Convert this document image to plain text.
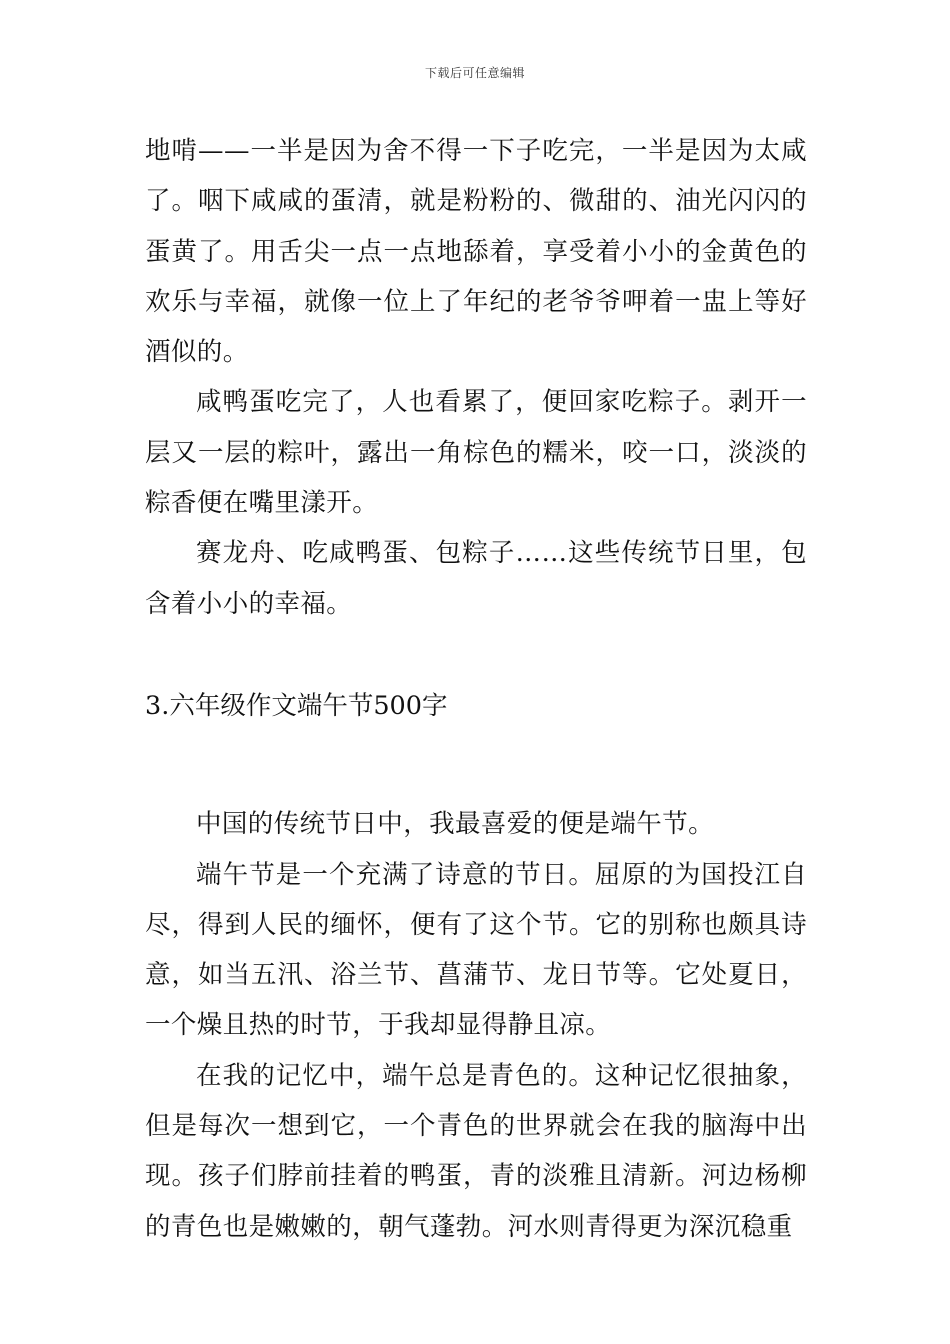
下载后可任意编辑

地啃——一半是因为舍不得一下子吃完，一半是因为太咸了。咽下咸咸的蛋清，就是粉粉的、微甜的、油光闪闪的蛋黄了。用舌尖一点一点地舔着，享受着小小的金黄色的欢乐与幸福，就像一位上了年纪的老爷爷呷着一盅上等好酒似的。

咸鸭蛋吃完了，人也看累了，便回家吃粽子。剥开一层又一层的粽叶，露出一角棕色的糯米，咬一口，淡淡的粽香便在嘴里漾开。

赛龙舟、吃咸鸭蛋、包粽子……这些传统节日里，包含着小小的幸福。

3.六年级作文端午节500字

中国的传统节日中，我最喜爱的便是端午节。

端午节是一个充满了诗意的节日。屈原的为国投江自尽，得到人民的缅怀，便有了这个节。它的别称也颇具诗意，如当五汛、浴兰节、菖蒲节、龙日节等。它处夏日，一个燥且热的时节，于我却显得静且凉。

在我的记忆中，端午总是青色的。这种记忆很抽象，但是每次一想到它，一个青色的世界就会在我的脑海中出现。孩子们脖前挂着的鸭蛋，青的淡雅且清新。河边杨柳的青色也是嫩嫩的，朝气蓬勃。河水则青得更为深沉稳重
